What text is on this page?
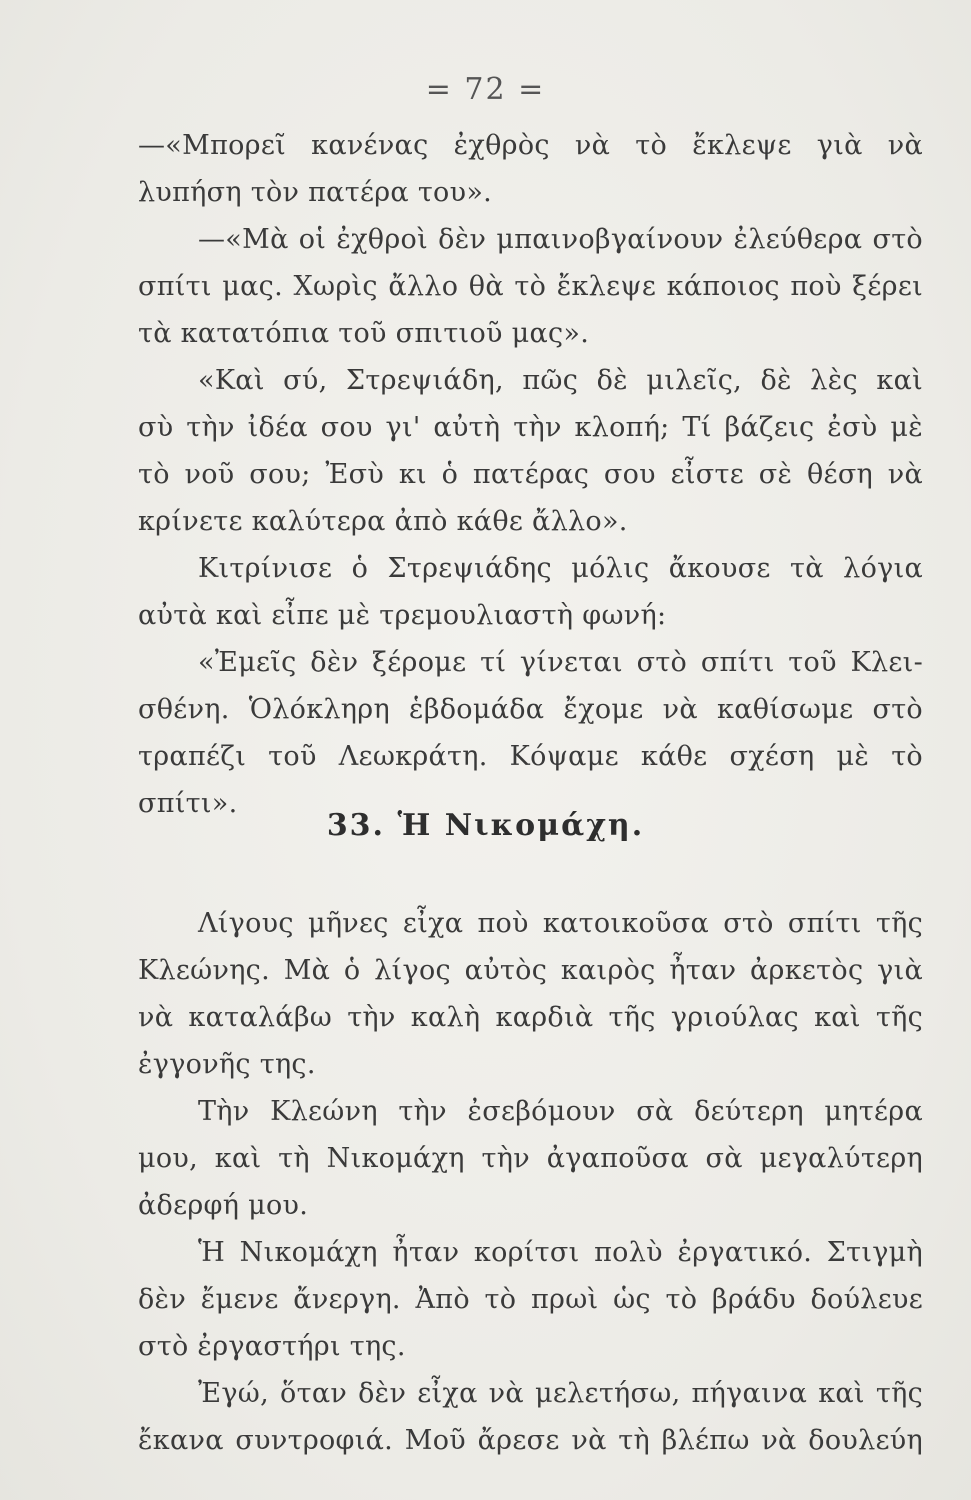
= 72 =
—«Μπορεῖ κανένας ἐχθρὸς νὰ τὸ ἔκλεψε γιὰ νὰ
λυπήση τὸν πατέρα του».
—«Μὰ οἱ ἐχθροὶ δὲν μπαινοβγαίνουν ἐλεύθερα στὸ
σπίτι μας. Χωρὶς ἄλλο θὰ τὸ ἔκλεψε κάποιος ποὺ ξέρει
τὰ κατατόπια τοῦ σπιτιοῦ μας».
«Καὶ σύ, Στρεψιάδη, πῶς δὲ μιλεῖς, δὲ λὲς καὶ
σὺ τὴν ἰδέα σου γι' αὐτὴ τὴν κλοπή; Τί βάζεις ἐσὺ μὲ
τὸ νοῦ σου; Ἐσὺ κι ὁ πατέρας σου εἶστε σὲ θέση νὰ
κρίνετε καλύτερα ἀπὸ κάθε ἄλλο».
Κιτρίνισε ὁ Στρεψιάδης μόλις ἄκουσε τὰ λόγια
αὐτὰ καὶ εἶπε μὲ τρεμουλιαστὴ φωνή:
«Ἐμεῖς δὲν ξέρομε τί γίνεται στὸ σπίτι τοῦ Κλει-
σθένη. Ὁλόκληρη ἑβδομάδα ἔχομε νὰ καθίσωμε στὸ
τραπέζι τοῦ Λεωκράτη. Κόψαμε κάθε σχέση μὲ τὸ
σπίτι».
33. Ἡ Νικομάχη.
Λίγους μῆνες εἶχα ποὺ κατοικοῦσα στὸ σπίτι τῆς
Κλεώνης. Μὰ ὁ λίγος αὐτὸς καιρὸς ἦταν ἀρκετὸς γιὰ
νὰ καταλάβω τὴν καλὴ καρδιὰ τῆς γριούλας καὶ τῆς
ἐγγονῆς της.
Τὴν Κλεώνη τὴν ἐσεβόμουν σὰ δεύτερη μητέρα
μου, καὶ τὴ Νικομάχη τὴν ἀγαποῦσα σὰ μεγαλύτερη
ἀδερφή μου.
Ἡ Νικομάχη ἦταν κορίτσι πολὺ ἐργατικό. Στιγμὴ
δὲν ἔμενε ἄνεργη. Ἀπὸ τὸ πρωὶ ὡς τὸ βράδυ δούλευε
στὸ ἐργαστήρι της.
Ἐγώ, ὅταν δὲν εἶχα νὰ μελετήσω, πήγαινα καὶ τῆς
ἔκανα συντροφιά. Μοῦ ἄρεσε νὰ τὴ βλέπω νὰ δουλεύη
